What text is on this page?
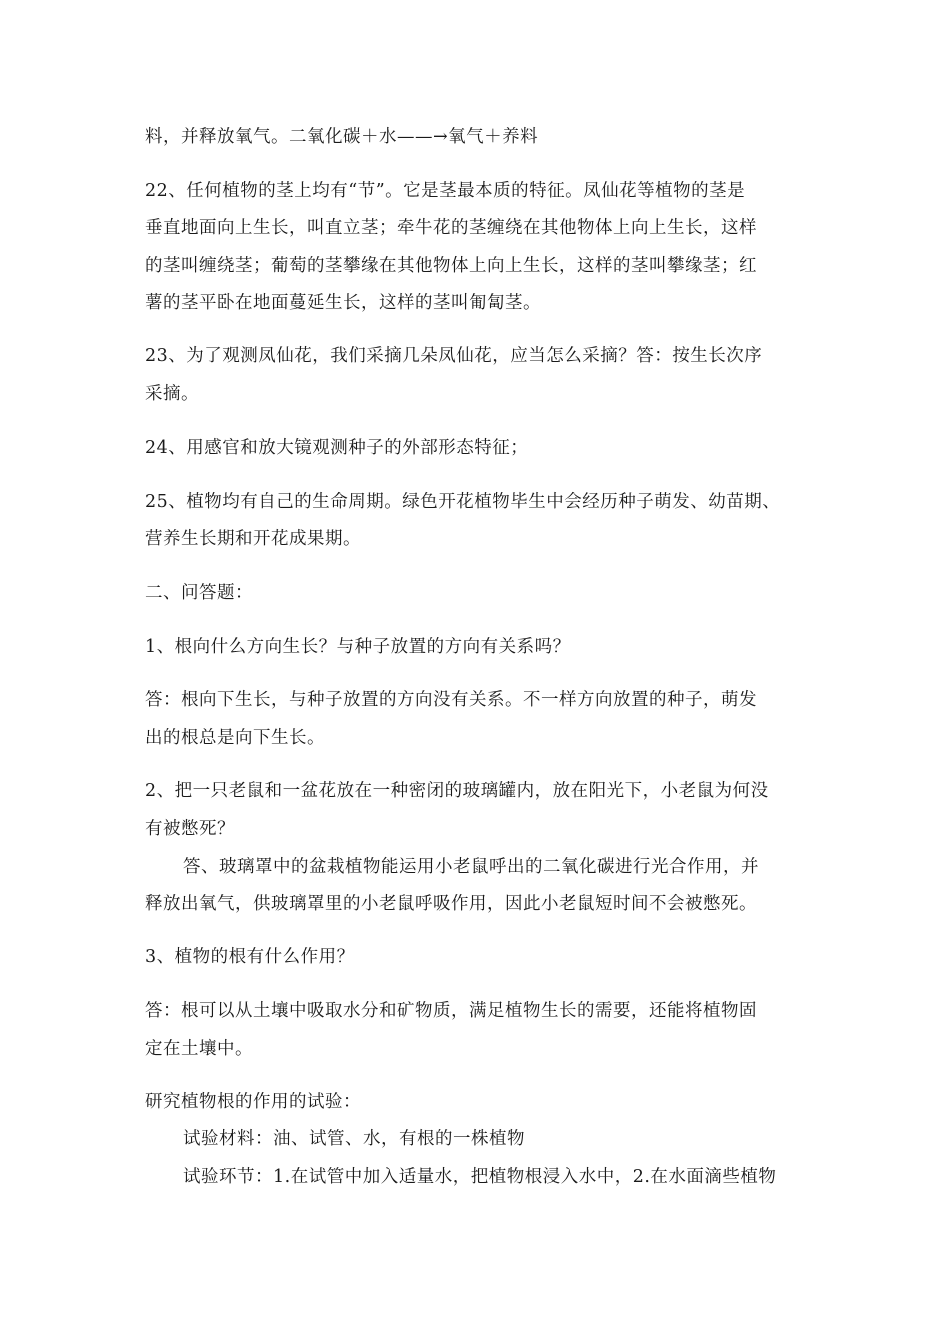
料，并释放氧气。二氧化碳＋水——→氧气＋养料
22、任何植物的茎上均有“节”。它是茎最本质的特征。凤仙花等植物的茎是
垂直地面向上生长，叫直立茎；牵牛花的茎缠绕在其他物体上向上生长，这样
的茎叫缠绕茎；葡萄的茎攀缘在其他物体上向上生长，这样的茎叫攀缘茎；红
薯的茎平卧在地面蔓延生长，这样的茎叫匍匐茎。
23、为了观测凤仙花，我们采摘几朵凤仙花，应当怎么采摘？答：按生长次序
采摘。
24、用感官和放大镜观测种子的外部形态特征；
25、植物均有自己的生命周期。绿色开花植物毕生中会经历种子萌发、幼苗期、
营养生长期和开花成果期。
二、问答题：
1、根向什么方向生长？与种子放置的方向有关系吗？
答：根向下生长，与种子放置的方向没有关系。不一样方向放置的种子，萌发
出的根总是向下生长。
2、把一只老鼠和一盆花放在一种密闭的玻璃罐内，放在阳光下，小老鼠为何没
有被憋死？
答、玻璃罩中的盆栽植物能运用小老鼠呼出的二氧化碳进行光合作用，并
释放出氧气，供玻璃罩里的小老鼠呼吸作用，因此小老鼠短时间不会被憋死。
3、植物的根有什么作用？
答：根可以从土壤中吸取水分和矿物质，满足植物生长的需要，还能将植物固
定在土壤中。
研究植物根的作用的试验：
试验材料：油、试管、水，有根的一株植物
试验环节：1.在试管中加入适量水，把植物根浸入水中，2.在水面滴些植物
